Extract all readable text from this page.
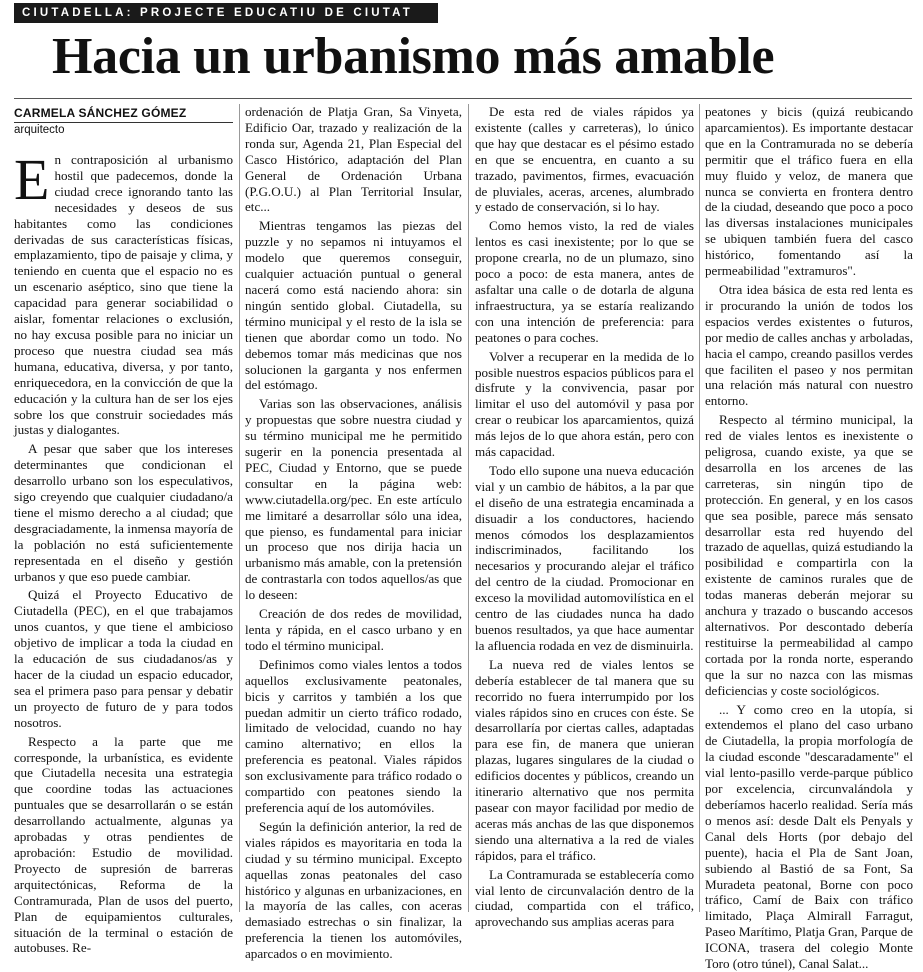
CIUTADELLA: PROJECTE EDUCATIU DE CIUTAT
Hacia un urbanismo más amable
CARMELA SÁNCHEZ GÓMEZ
arquitecto

En contraposición al urbanismo hostil que padecemos, donde la ciudad crece ignorando tanto las necesidades y deseos de sus habitantes como las condiciones derivadas de sus características físicas, emplazamiento, tipo de paisaje y clima, y teniendo en cuenta que el espacio no es un escenario aséptico, sino que tiene la capacidad para generar sociabilidad o aislar, fomentar relaciones o exclusión, no hay excusa posible para no iniciar un proceso que nuestra ciudad sea más humana, educativa, diversa, y por tanto, enriquecedora, en la convicción de que la educación y la cultura han de ser los ejes sobre los que construir sociedades más justas y dialogantes.

A pesar que saber que los intereses determinantes que condicionan el desarrollo urbano son los especulativos, sigo creyendo que cualquier ciudadano/a tiene el mismo derecho a al ciudad; que desgraciadamente, la inmensa mayoría de la población no está suficientemente representada en el diseño y gestión urbanos y que eso puede cambiar.

Quizá el Proyecto Educativo de Ciutadella (PEC), en el que trabajamos unos cuantos, y que tiene el ambicioso objetivo de implicar a toda la ciudad en la educación de sus ciudadanos/as y hacer de la ciudad un espacio educador, sea el primera paso para pensar y debatir un proyecto de futuro de y para todos nosotros.

Respecto a la parte que me corresponde, la urbanística, es evidente que Ciutadella necesita una estrategia que coordine todas las actuaciones puntuales que se desarrollarán o se están desarrollando actualmente, algunas ya aprobadas y otras pendientes de aprobación: Estudio de movilidad. Proyecto de supresión de barreras arquitectónicas, Reforma de la Contramurada, Plan de usos del puerto, Plan de equipamientos culturales, situación de la terminal o estación de autobuses. Re-

ordenación de Platja Gran, Sa Vinyeta, Edificio Oar, trazado y realización de la ronda sur, Agenda 21, Plan Especial del Casco Histórico, adaptación del Plan General de Ordenación Urbana (P.G.O.U.) al Plan Territorial Insular, etc...

Mientras tengamos las piezas del puzzle y no sepamos ni intuyamos el modelo que queremos conseguir, cualquier actuación puntual o general nacerá como está naciendo ahora: sin ningún sentido global. Ciutadella, su término municipal y el resto de la isla se tienen que abordar como un todo. No debemos tomar más medicinas que nos solucionen la garganta y nos enfermen del estómago.

Varias son las observaciones, análisis y propuestas que sobre nuestra ciudad y su término municipal me he permitido sugerir en la ponencia presentada al PEC, Ciudad y Entorno, que se puede consultar en la página web: www.ciutadella.org/pec. En este artículo me limitaré a desarrollar sólo una idea, que pienso, es fundamental para iniciar un proceso que nos dirija hacia un urbanismo más amable, con la pretensión de contrastarla con todos aquellos/as que lo deseen:

Creación de dos redes de movilidad, lenta y rápida, en el casco urbano y en todo el término municipal.

Definimos como viales lentos a todos aquellos exclusivamente peatonales, bicis y carritos y también a los que puedan admitir un cierto tráfico rodado, limitado de velocidad, cuando no hay camino alternativo; en ellos la preferencia es peatonal. Viales rápidos son exclusivamente para tráfico rodado o compartido con peatones siendo la preferencia aquí de los automóviles.

Según la definición anterior, la red de viales rápidos es mayoritaria en toda la ciudad y su término municipal. Excepto aquellas zonas peatonales del caso histórico y algunas en urbanizaciones, en la mayoría de las calles, con aceras demasiado estrechas o sin finalizar, la preferencia la tienen los automóviles, aparcados o en movimiento.

De esta red de viales rápidos ya existente (calles y carreteras), lo único que hay que destacar es el pésimo estado en que se encuentra, en cuanto a su trazado, pavimentos, firmes, evacuación de pluviales, aceras, arcenes, alumbrado y estado de conservación, si lo hay.

Como hemos visto, la red de viales lentos es casi inexistente; por lo que se propone crearla, no de un plumazo, sino poco a poco: de esta manera, antes de asfaltar una calle o de dotarla de alguna infraestructura, ya se estaría realizando con una intención de preferencia: para peatones o para coches.

Volver a recuperar en la medida de lo posible nuestros espacios públicos para el disfrute y la convivencia, pasar por limitar el uso del automóvil y pasa por crear o reubicar los aparcamientos, quizá más lejos de lo que ahora están, pero con más capacidad.

Todo ello supone una nueva educación vial y un cambio de hábitos, a la par que el diseño de una estrategia encaminada a disuadir a los conductores, haciendo menos cómodos los desplazamientos indiscriminados, facilitando los necesarios y procurando alejar el tráfico del centro de la ciudad. Promocionar en exceso la movilidad automovilística en el centro de las ciudades nunca ha dado buenos resultados, ya que hace aumentar la afluencia rodada en vez de disminuirla.

La nueva red de viales lentos se debería establecer de tal manera que su recorrido no fuera interrumpido por los viales rápidos sino en cruces con éste. Se desarrollaría por ciertas calles, adaptadas para ese fin, de manera que unieran plazas, lugares singulares de la ciudad o edificios docentes y públicos, creando un itinerario alternativo que nos permita pasear con mayor facilidad por medio de aceras más anchas de las que disponemos siendo una alternativa a la red de viales rápidos, para el tráfico.

La Contramurada se establecería como vial lento de circunvalación dentro de la ciudad, compartida con el tráfico, aprovechando sus amplias aceras para

peatones y bicis (quizá reubicando aparcamientos). Es importante destacar que en la Contramurada no se debería permitir que el tráfico fuera en ella muy fluido y veloz, de manera que nunca se convierta en frontera dentro de la ciudad, deseando que poco a poco las diversas instalaciones municipales se ubiquen también fuera del casco histórico, fomentando así la permeabilidad "extramuros".

Otra idea básica de esta red lenta es ir procurando la unión de todos los espacios verdes existentes o futuros, por medio de calles anchas y arboladas, hacia el campo, creando pasillos verdes que faciliten el paseo y nos permitan una relación más natural con nuestro entorno.

Respecto al término municipal, la red de viales lentos es inexistente o peligrosa, cuando existe, ya que se desarrolla en los arcenes de las carreteras, sin ningún tipo de protección. En general, y en los casos que sea posible, parece más sensato desarrollar esta red huyendo del trazado de aquellas, quizá estudiando la posibilidad e compartirla con la existente de caminos rurales que de todas maneras deberán mejorar su anchura y trazado o buscando accesos alternativos. Por descontado debería restituirse la permeabilidad al campo cortada por la ronda norte, esperando que la sur no nazca con las mismas deficiencias y coste sociológicos.

... Y como creo en la utopía, si extendemos el plano del caso urbano de Ciutadella, la propia morfología de la ciudad esconde "descaradamente" el vial lento-pasillo verde-parque público por excelencia, circunvalándola y deberíamos hacerlo realidad. Sería más o menos así: desde Dalt els Penyals y Canal dels Horts (por debajo del puente), hacia el Pla de Sant Joan, subiendo al Bastió de sa Font, Sa Muradeta peatonal, Borne con poco tráfico, Camí de Baix con tráfico limitado, Plaça Almirall Farragut, Paseo Marítimo, Platja Gran, Parque de ICONA, trasera del colegio Monte Toro (otro túnel), Canal Salat...
